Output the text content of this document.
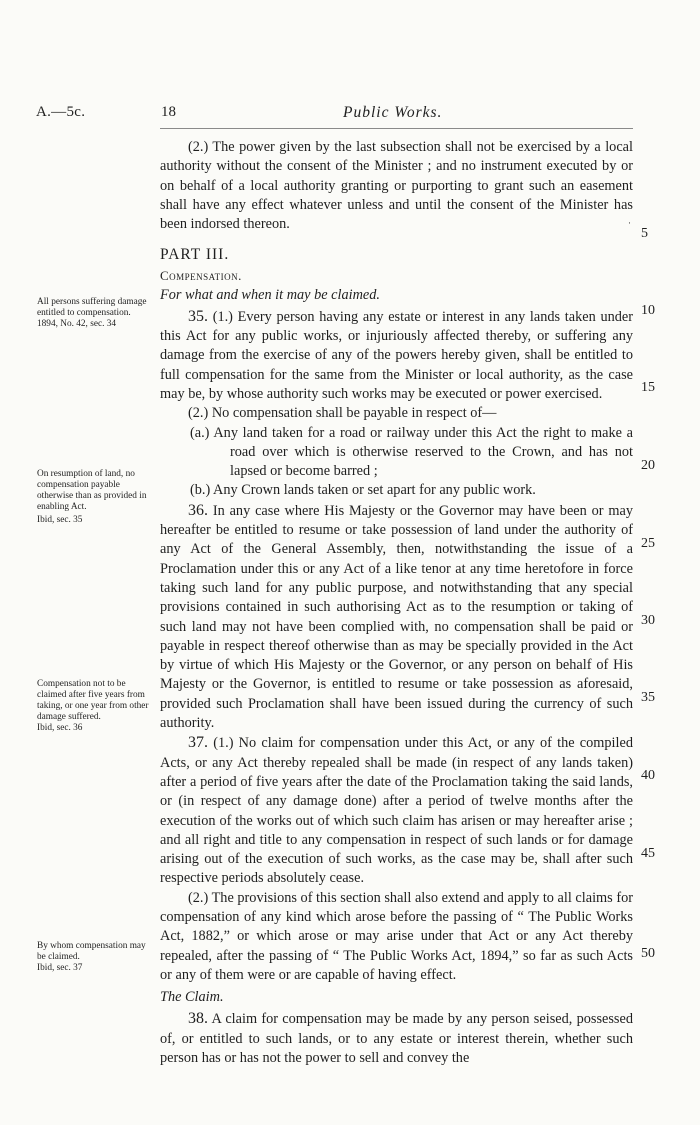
A.—5c.	18	Public Works.
·

(2.) The power given by the last subsection shall not be exercised by a local authority without the consent of the Minister ; and no instrument executed by or on behalf of a local authority granting or purporting to grant such an easement shall have any effect whatever unless and until the consent of the Minister has been indorsed thereon.

PART III.

Compensation.

For what and when it may be claimed.

35. (1.) Every person having any estate or interest in any lands taken under this Act for any public works, or injuriously affected thereby, or suffering any damage from the exercise of any of the powers hereby given, shall be entitled to full compensation for the same from the Minister or local authority, as the case may be, by whose authority such works may be executed or power exercised.

(2.) No compensation shall be payable in respect of—

(a.) Any land taken for a road or railway under this Act the right to make a road over which is otherwise reserved to the Crown, and has not lapsed or become barred ;

(b.) Any Crown lands taken or set apart for any public work.

36. In any case where His Majesty or the Governor may have been or may hereafter be entitled to resume or take possession of land under the authority of any Act of the General Assembly, then, notwithstanding the issue of a Proclamation under this or any Act of a like tenor at any time heretofore in force taking such land for any public purpose, and notwithstanding that any special provisions contained in such authorising Act as to the resumption or taking of such land may not have been complied with, no compensation shall be paid or payable in respect thereof otherwise than as may be specially provided in the Act by virtue of which His Majesty or the Governor, or any person on behalf of His Majesty or the Governor, is entitled to resume or take possession as aforesaid, provided such Proclamation shall have been issued during the currency of such authority.

37. (1.) No claim for compensation under this Act, or any of the compiled Acts, or any Act thereby repealed shall be made (in respect of any lands taken) after a period of five years after the date of the Proclamation taking the said lands, or (in respect of any damage done) after a period of twelve months after the execution of the works out of which such claim has arisen or may hereafter arise ; and all right and title to any compensation in respect of such lands or for damage arising out of the execution of such works, as the case may be, shall after such respective periods absolutely cease.

(2.) The provisions of this section shall also extend and apply to all claims for compensation of any kind which arose before the passing of “ The Public Works Act, 1882,” or which arose or may arise under that Act or any Act thereby repealed, after the passing of “ The Public Works Act, 1894,” so far as such Acts or any of them were or are capable of having effect.

The Claim.

38. A claim for compensation may be made by any person seised, possessed of, or entitled to such lands, or to any estate or interest therein, whether such person has or has not the power to sell and convey the

All persons suffering damage entitled to compensation.
1894, No. 42, sec. 34
On resumption of land, no compensation payable otherwise than as provided in enabling Act.
Ibid, sec. 35
Compensation not to be claimed after five years from taking, or one year from other damage suffered.
Ibid, sec. 36
By whom compensation may be claimed.
Ibid, sec. 37
5
10
15
20
25
30
35
40
45
50
